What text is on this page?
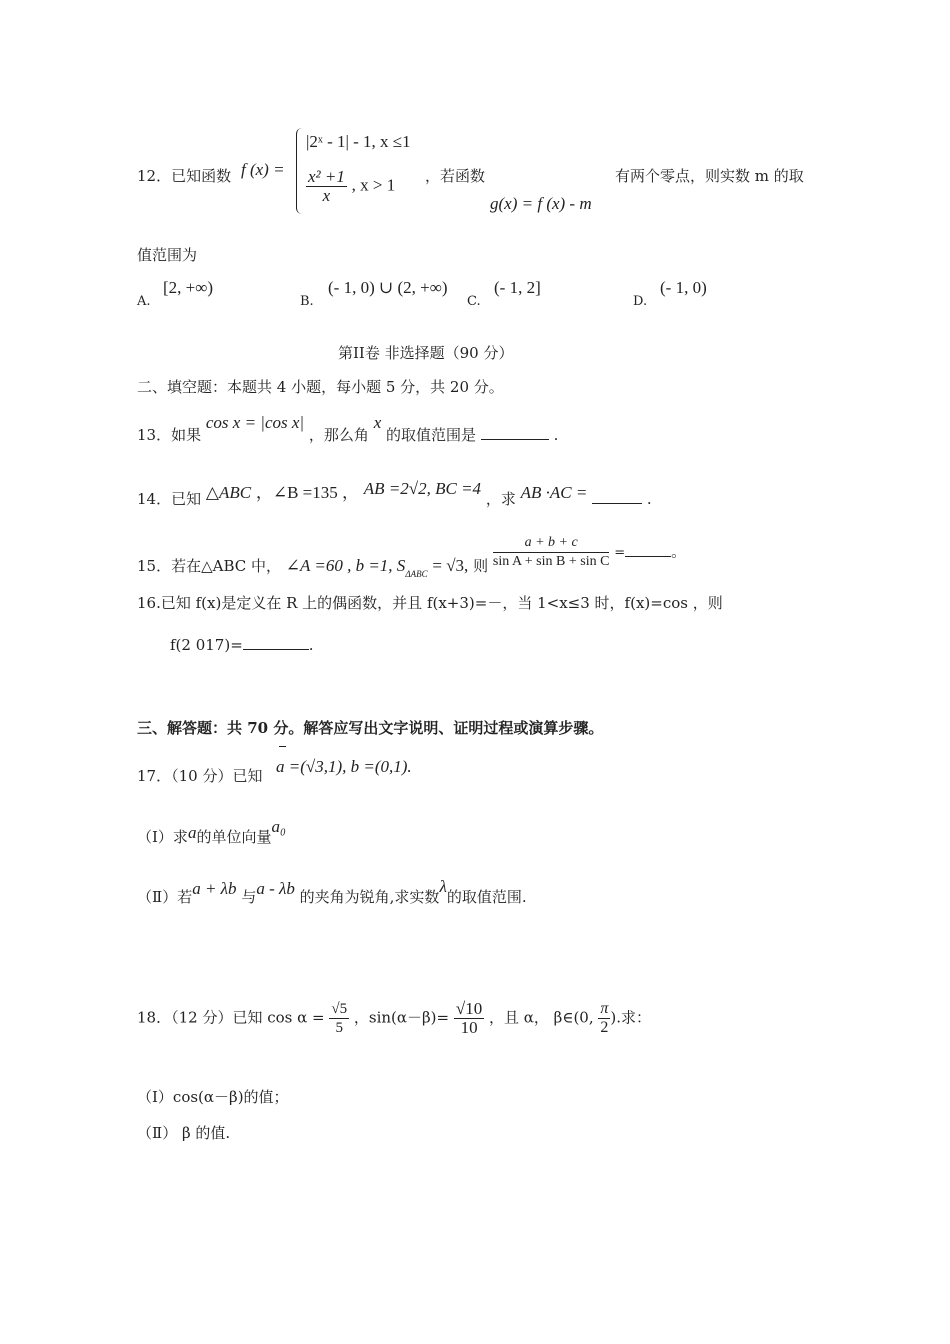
12．已知函数 f (x) =
|2ˣ - 1| - 1, x ≤1
$\frac{\text{x² +1}}{x}$ , x > 1 ，若函数
g(x) = f (x) - m
有两个零点，则实数 m 的取
值范围为
A.
[2, +∞)
B.
(- 1, 0) ∪ (2, +∞)
C.
(- 1, 2]
D.
(- 1, 0)
第II卷 非选择题（90 分）
二、填空题：本题共 4 小题，每小题 5 分，共 20 分。
13．如果 cos x = |cos x| ，那么角 x 的取值范围是	.
14．已知 △ABC ，∠B =135 ， AB =2√2, BC =4 ，求 AB ·AC =	.
15．若在△ABC 中， ∠A =60 , b =1, $S_{\Delta ABC} = √3$, 则 $\frac{a + b + c}{\text{sin A + sin B + sin C}}$ =	。
16.已知 f(x)是定义在 R 上的偶函数，并且 f(x+3)=－，当 1<x≤3 时，f(x)=cos ，则
f(2 017)=	.
三、解答题：共 70 分。解答应写出文字说明、证明过程或演算步骤。
17．（10 分）已知 a =(√3,1), b =(0,1).
（Ⅰ）求a的单位向量a₀
（Ⅱ）若a + λb 与a - λb 的夹角为锐角,求实数λ的取值范围.
18．（12 分）已知 $\cos \alpha = \frac{√5}{5}$ ，$\sin(\alpha-\beta)= \frac{√10}{10}$ ，且 α， β∈(0, $\frac{\pi}{2}$ ).求：
（Ⅰ）cos(α－β)的值；
（Ⅱ） β 的值.
